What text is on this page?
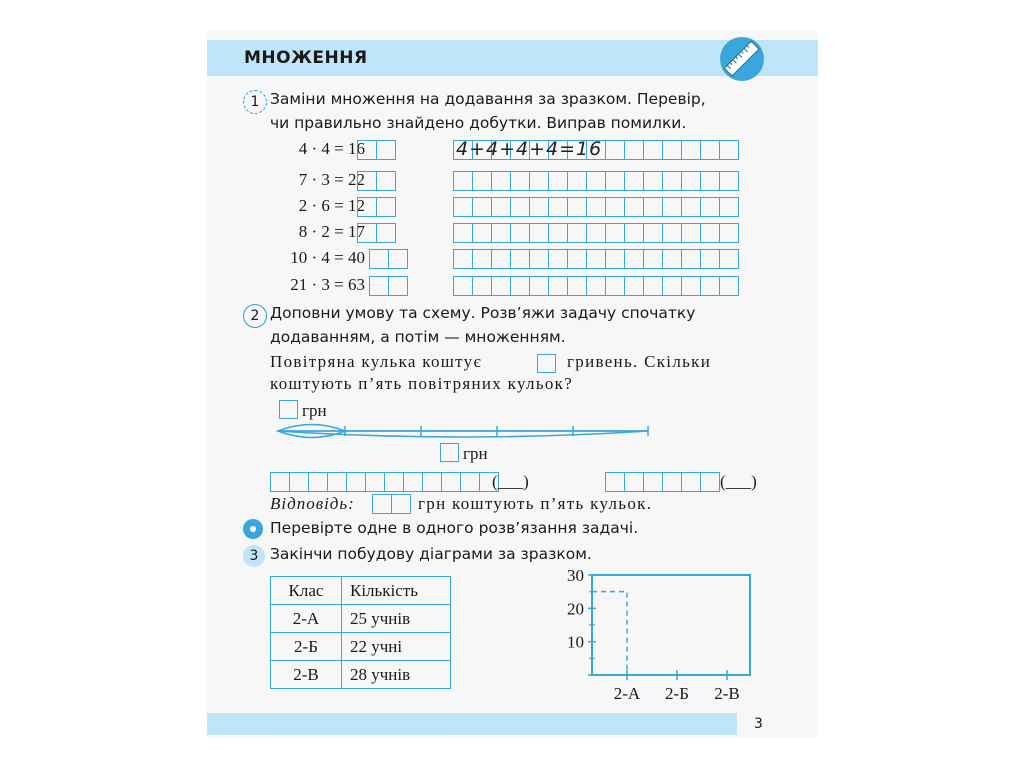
МНОЖЕННЯ
1 Заміни множення на додавання за зразком. Перевір,
чи правильно знайдено добутки. Виправ помилки.
4 · 4 = 16
7 · 3 = 22
2 · 6 = 12
8 · 2 = 17
10 · 4 = 40
21 · 3 = 63
4+4+4+4=16
2 Доповни умову та схему. Розв’яжи задачу спочатку
додаванням, а потім — множенням.
Повітряна кулька коштує	гривень. Скільки
коштують п’ять повітряних кульок?
грн
грн
(___)	(___)
Відповідь:	грн коштують п’ять кульок.
Перевірте одне в одного розв’язання задачі.
3 Закінчи побудову діаграми за зразком.
Клас	Кількість
2-А	25 учнів
2-Б	22 учні
2-В	28 учнів
10
20
30
2-А 2-Б 2-В
3
